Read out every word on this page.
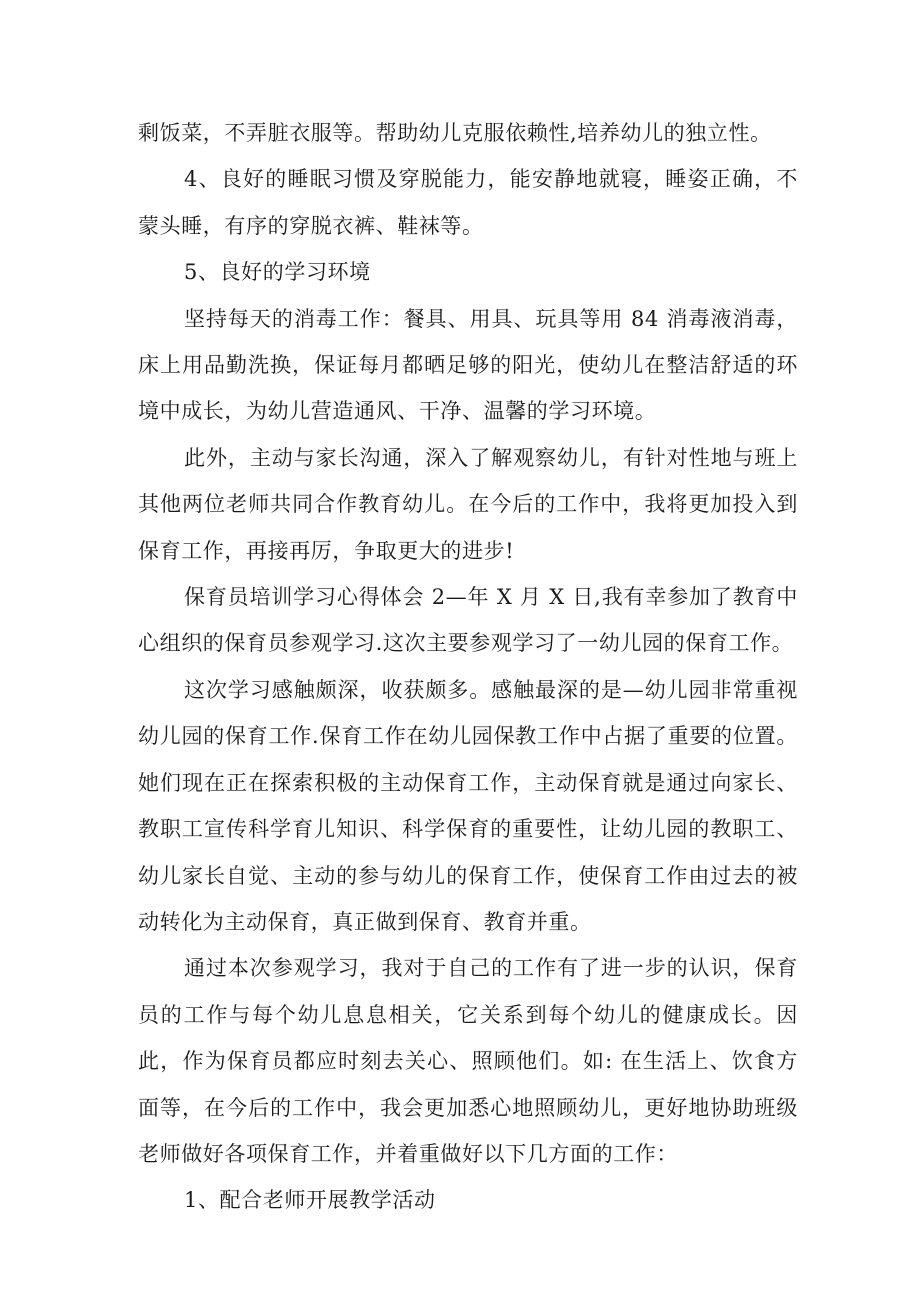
剩饭菜，不弄脏衣服等。帮助幼儿克服依赖性,培养幼儿的独立性。

4、良好的睡眠习惯及穿脱能力，能安静地就寝，睡姿正确，不蒙头睡，有序的穿脱衣裤、鞋袜等。

5、良好的学习环境

坚持每天的消毒工作：餐具、用具、玩具等用 84 消毒液消毒，床上用品勤洗换，保证每月都晒足够的阳光，使幼儿在整洁舒适的环境中成长，为幼儿营造通风、干净、温馨的学习环境。

此外，主动与家长沟通，深入了解观察幼儿，有针对性地与班上其他两位老师共同合作教育幼儿。在今后的工作中，我将更加投入到保育工作，再接再厉，争取更大的进步!

保育员培训学习心得体会 2—年 X 月 X 日,我有幸参加了教育中心组织的保育员参观学习.这次主要参观学习了一幼儿园的保育工作。

这次学习感触颇深，收获颇多。感触最深的是—幼儿园非常重视幼儿园的保育工作.保育工作在幼儿园保教工作中占据了重要的位置。她们现在正在探索积极的主动保育工作，主动保育就是通过向家长、教职工宣传科学育儿知识、科学保育的重要性，让幼儿园的教职工、幼儿家长自觉、主动的参与幼儿的保育工作，使保育工作由过去的被动转化为主动保育，真正做到保育、教育并重。

通过本次参观学习，我对于自己的工作有了进一步的认识，保育员的工作与每个幼儿息息相关，它关系到每个幼儿的健康成长。因此，作为保育员都应时刻去关心、照顾他们。如: 在生活上、饮食方面等，在今后的工作中，我会更加悉心地照顾幼儿，更好地协助班级老师做好各项保育工作，并着重做好以下几方面的工作：

1、配合老师开展教学活动
